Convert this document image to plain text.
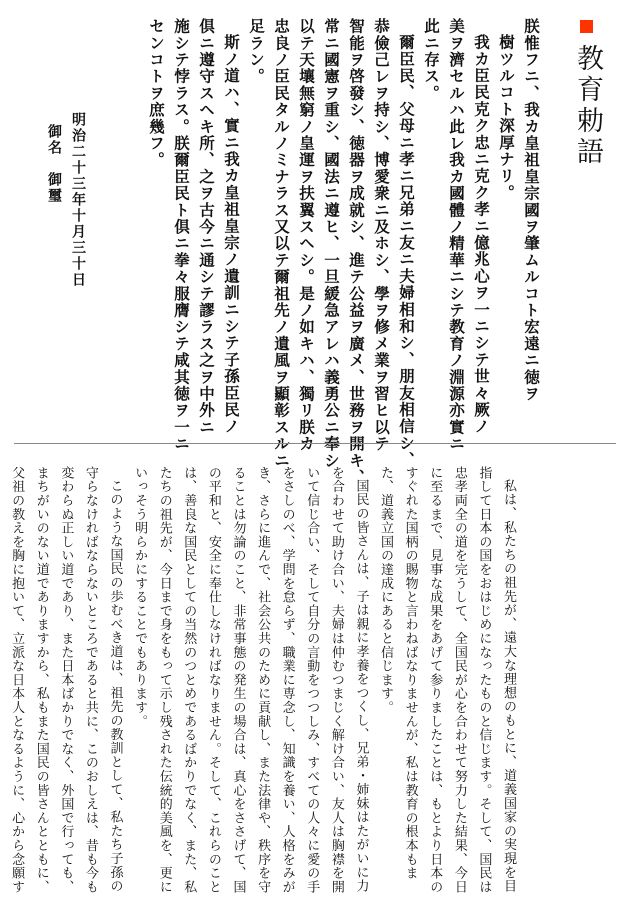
教育勅語
朕惟フニ、我カ皇祖皇宗國ヲ肇ムルコト宏遠ニ徳ヲ
樹ツルコト深厚ナリ。
我カ臣民克ク忠ニ克ク孝ニ億兆心ヲ一ニシテ世々厥ノ
美ヲ濟セルハ此レ我カ國體ノ精華ニシテ教育ノ淵源亦實ニ
此ニ存ス。
爾臣民、父母ニ孝ニ兄弟ニ友ニ夫婦相和シ、朋友相信シ、
恭儉己レヲ持シ、博愛衆ニ及ホシ、學ヲ修メ業ヲ習ヒ以テ
智能ヲ啓發シ、徳器ヲ成就シ、進テ公益ヲ廣メ、世務ヲ開キ、
常ニ國憲ヲ重シ、國法ニ遵ヒ、一旦緩急アレハ義勇公ニ奉シ
以テ天壤無窮ノ皇運ヲ扶翼スヘシ。是ノ如キハ、獨リ朕カ
忠良ノ臣民タルノミナラス又以テ爾祖先ノ遺風ヲ顯彰スルニ
足ラン。
斯ノ道ハ、實ニ我カ皇祖皇宗ノ遺訓ニシテ子孫臣民ノ
倶ニ遵守スヘキ所、之ヲ古今ニ通シテ謬ラス之ヲ中外ニ
施シテ悖ラス。朕爾臣民ト倶ニ拳々服膺シテ咸其徳ヲ一ニ
センコトヲ庶幾フ。
明治二十三年十月三十日
御名　御璽
私は、私たちの祖先が、遠大な理想のもとに、道義国家の実現を目指して日本の国をおはじめになったものと信じます。そして、国民は忠孝両全の道を完うして、全国民が心を合わせて努力した結果、今日に至るまで、見事な成果をあげて参りましたことは、もとより日本のすぐれた国柄の賜物と言わねばなりませんが、私は教育の根本もまた、道義立国の達成にあると信じます。
国民の皆さんは、子は親に孝養をつくし、兄弟・姉妹はたがいに力を合わせて助け合い、夫婦は仲むつまじく解け合い、友人は胸襟を開いて信じ合い、そして自分の言動をつつしみ、すべての人々に愛の手をさしのべ、学問を怠らず、職業に専念し、知識を養い、人格をみがき、さらに進んで、社会公共のために貢献し、また法律や、秩序を守ることは勿論のこと、非常事態の発生の場合は、真心をささげて、国の平和と、安全に奉仕しなければなりません。そして、これらのことは、善良な国民としての当然のつとめであるばかりでなく、また、私たちの祖先が、今日まで身をもって示し残された伝統的美風を、更にいっそう明らかにすることでもあります。
このような国民の歩むべき道は、祖先の教訓として、私たち子孫の守らなければならないところであると共に、このおしえは、昔も今も変わらぬ正しい道であり、また日本ばかりでなく、外国で行っても、まちがいのない道でありますから、私もまた国民の皆さんとともに、父祖の教えを胸に抱いて、立派な日本人となるように、心から念願す
